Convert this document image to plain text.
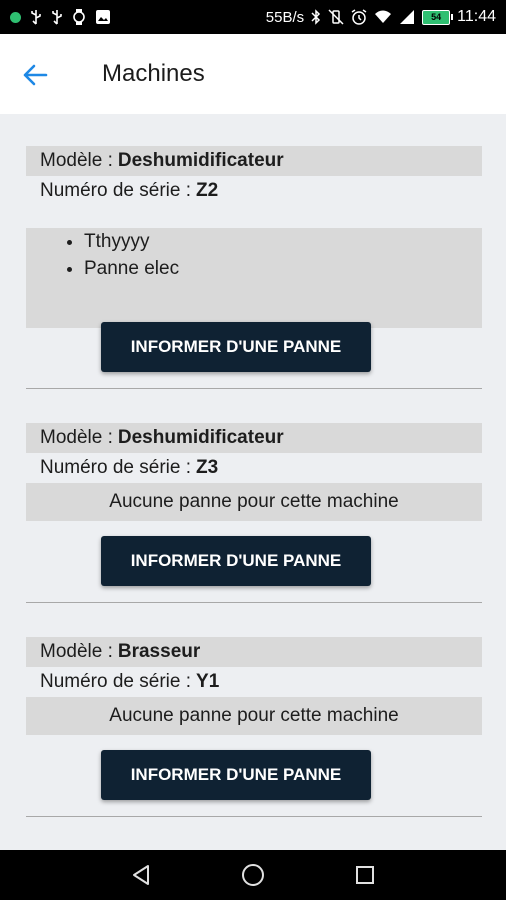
55B/s	54 11:44
Machines
Modèle : Deshumidificateur
Numéro de série : Z2
• Tthyyyy
• Panne elec
INFORMER D'UNE PANNE
Modèle : Deshumidificateur
Numéro de série : Z3
Aucune panne pour cette machine
INFORMER D'UNE PANNE
Modèle : Brasseur
Numéro de série : Y1
Aucune panne pour cette machine
INFORMER D'UNE PANNE
